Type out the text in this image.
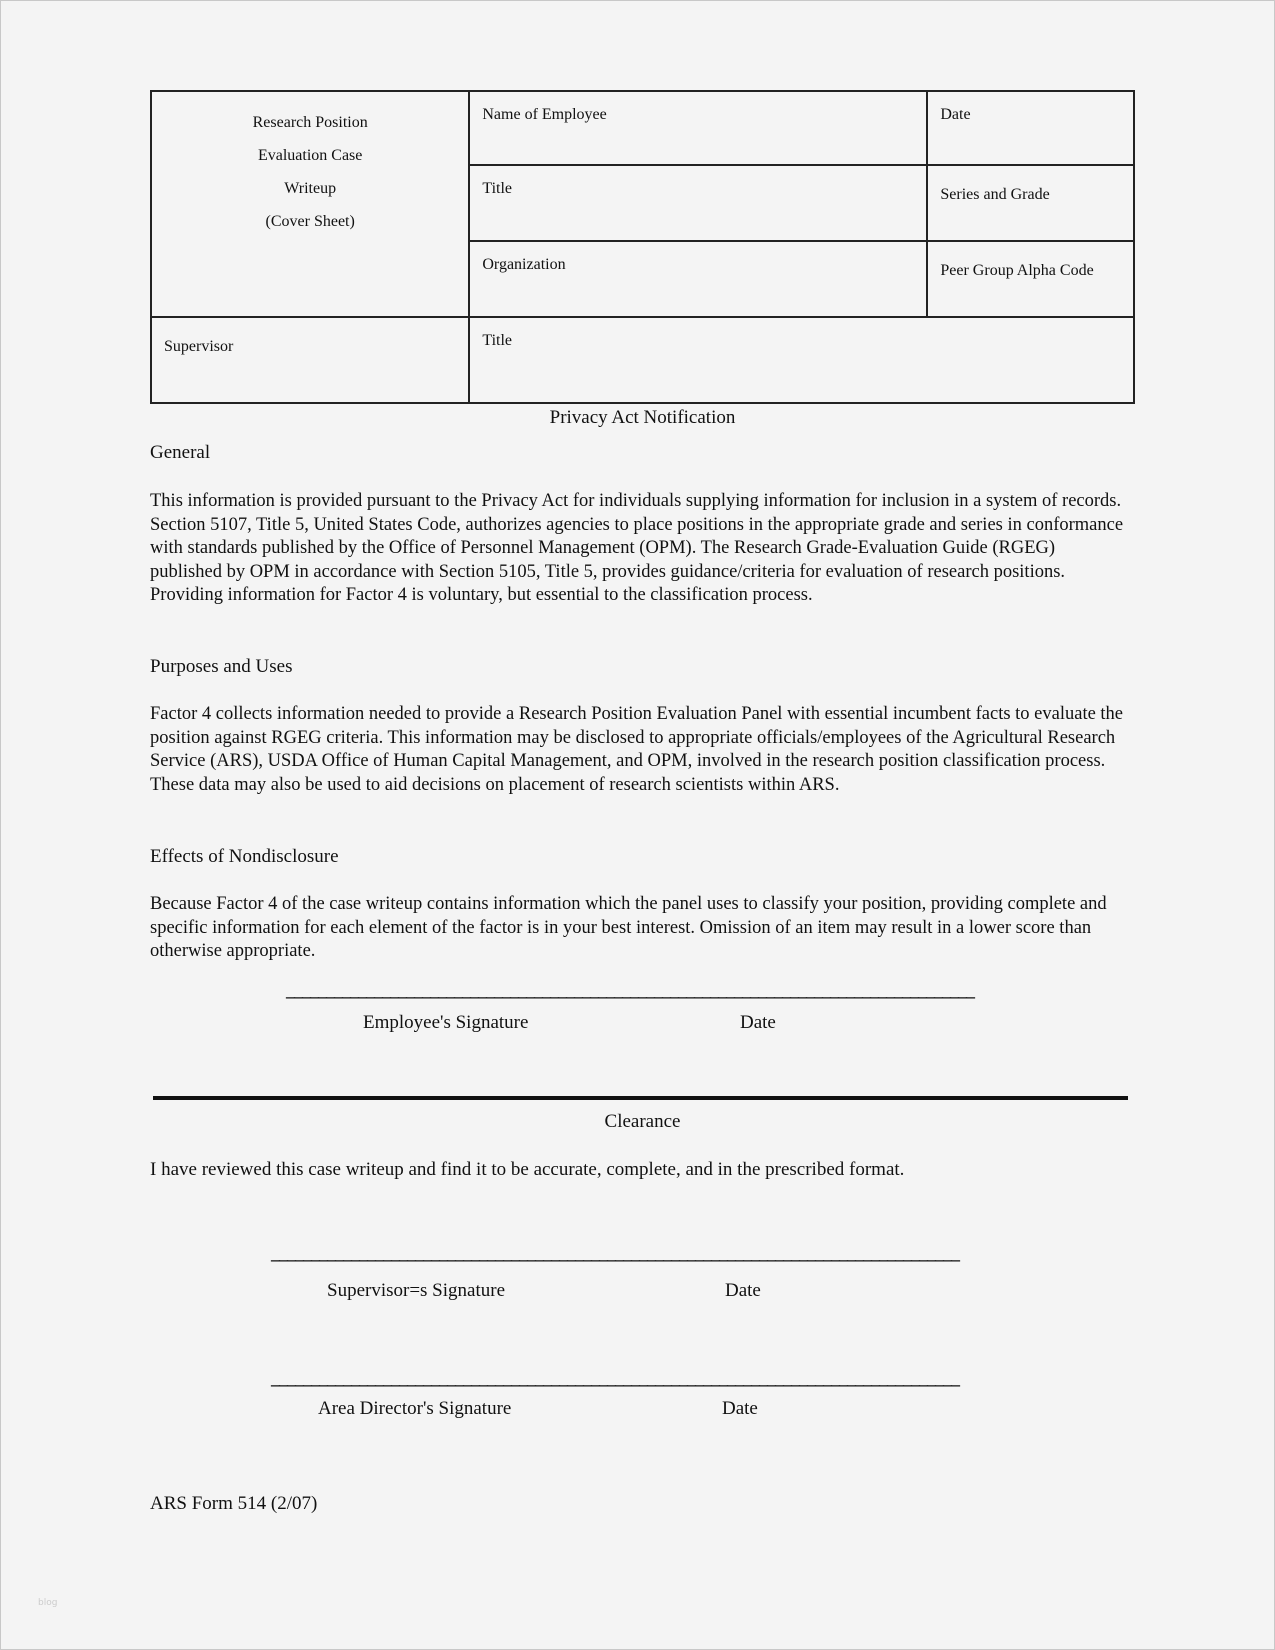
Research Position
Evaluation Case
Writeup
(Cover Sheet)	Name of Employee	Date
	Title	Series and Grade
	Organization	Peer Group Alpha Code
Supervisor	Title	
Privacy Act Notification
General

This information is provided pursuant to the Privacy Act for individuals supplying information for inclusion in a system of records. Section 5107, Title 5, United States Code, authorizes agencies to place positions in the appropriate grade and series in conformance with standards published by the Office of Personnel Management (OPM). The Research Grade-Evaluation Guide (RGEG) published by OPM in accordance with Section 5105, Title 5, provides guidance/criteria for evaluation of research positions. Providing information for Factor 4 is voluntary, but essential to the classification process.

Purposes and Uses

Factor 4 collects information needed to provide a Research Position Evaluation Panel with essential incumbent facts to evaluate the position against RGEG criteria. This information may be disclosed to appropriate officials/employees of the Agricultural Research Service (ARS), USDA Office of Human Capital Management, and OPM, involved in the research position classification process. These data may also be used to aid decisions on placement of research scientists within ARS.

Effects of Nondisclosure

Because Factor 4 of the case writeup contains information which the panel uses to classify your position, providing complete and specific information for each element of the factor is in your best interest. Omission of an item may result in a lower score than otherwise appropriate.

______________________________________________________________________________________
Employee's Signature	Date
Clearance

I have reviewed this case writeup and find it to be accurate, complete, and in the prescribed format.

______________________________________________________________________________________
Supervisor=s Signature	Date
______________________________________________________________________________________
Area Director's Signature	Date
ARS Form 514 (2/07)
blog
